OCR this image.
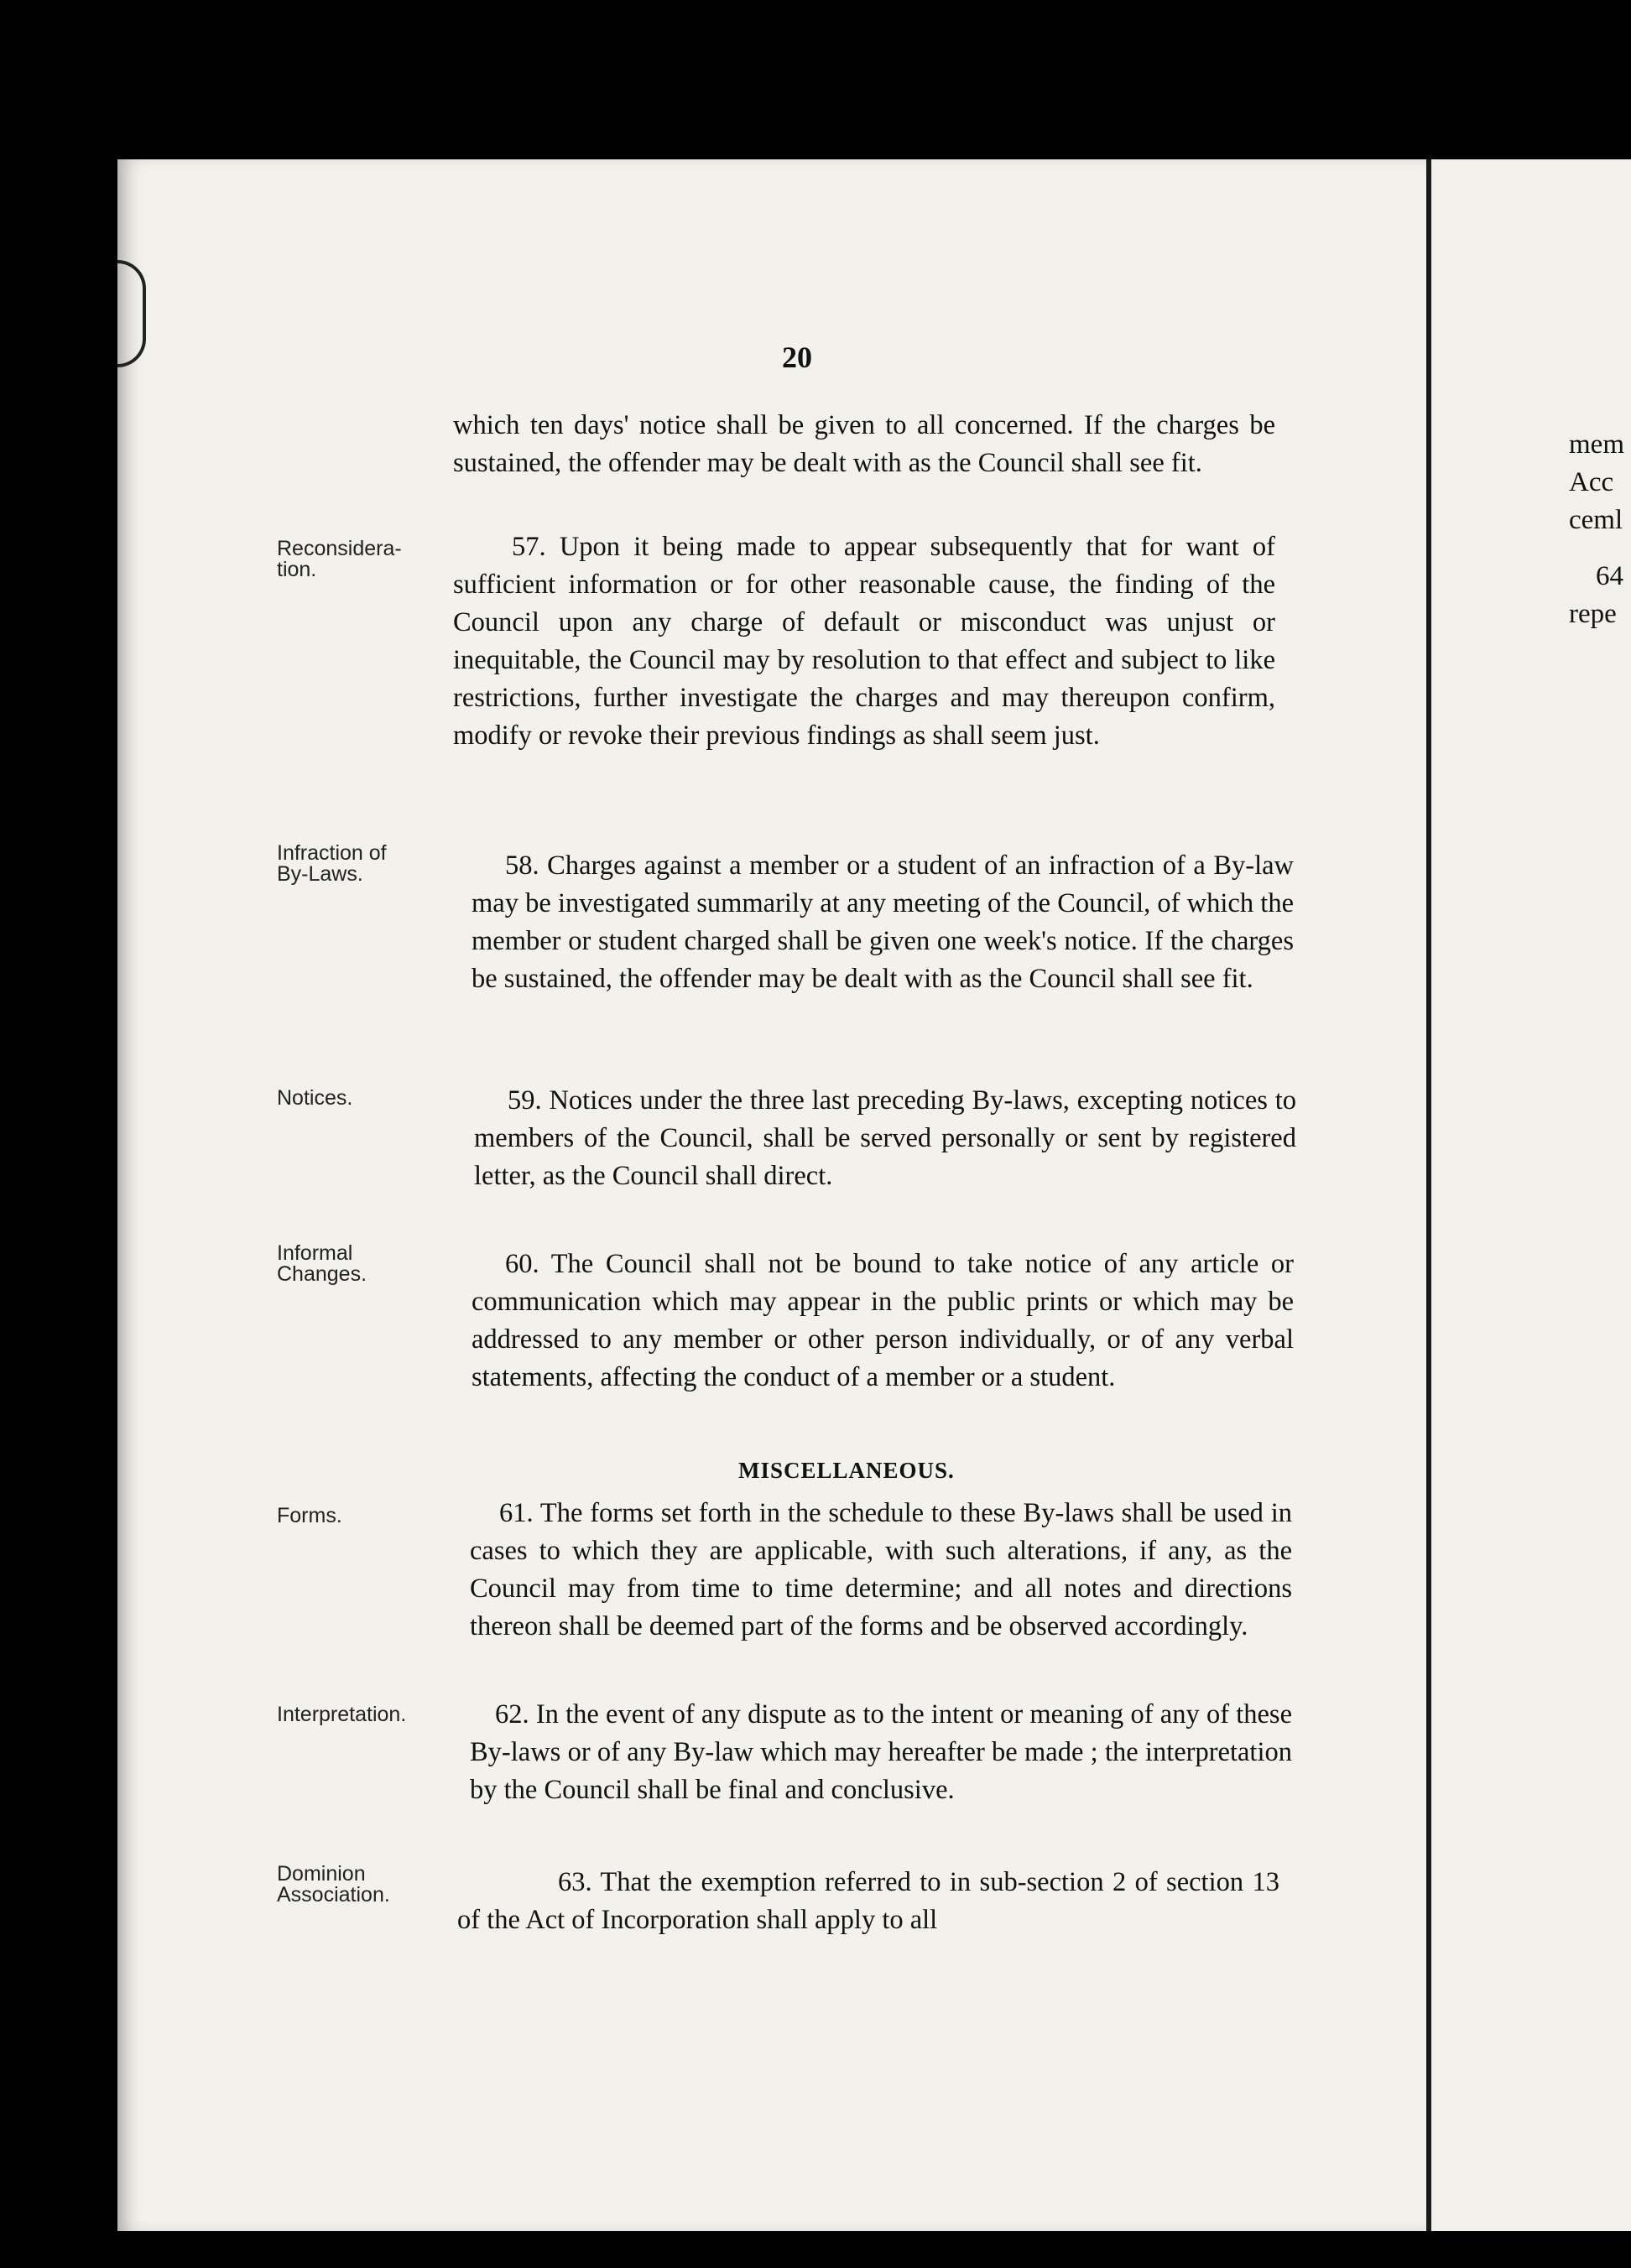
20

which ten days' notice shall be given to all concerned. If the charges be sustained, the offender may be dealt with as the Council shall see fit.

Reconsidera-
tion.

57. Upon it being made to appear subsequently that for want of sufficient information or for other reasonable cause, the finding of the Council upon any charge of default or misconduct was unjust or inequitable, the Council may by resolution to that effect and subject to like restrictions, further investigate the charges and may thereupon confirm, modify or revoke their previous findings as shall seem just.

Infraction of
By-Laws.	58. Charges against a member or a student of an infraction of a By-law may be investigated summarily at any meeting of the Council, of which the member or student charged shall be given one week's notice. If the charges be sustained, the offender may be dealt with as the Council shall see fit.

Notices.	59. Notices under the three last preceding By-laws, excepting notices to members of the Council, shall be served personally or sent by registered letter, as the Council shall direct.

Informal
Changes.	60. The Council shall not be bound to take notice of any article or communication which may appear in the public prints or which may be addressed to any member or other person individually, or of any verbal statements, affecting the conduct of a member or a student.

MISCELLANEOUS.
Forms.	61. The forms set forth in the schedule to these By-laws shall be used in cases to which they are applicable, with such alterations, if any, as the Council may from time to time determine; and all notes and directions thereon shall be deemed part of the forms and be observed accordingly.

Interpretation.	62. In the event of any dispute as to the intent or meaning of any of these By-laws or of any By-law which may hereafter be made ; the interpretation by the Council shall be final and conclusive.

Dominion
Association.	63. That the exemption referred to in sub-section 2 of section 13 of the Act of Incorporation shall apply to all

mem
Acc
ceml
64
repe
